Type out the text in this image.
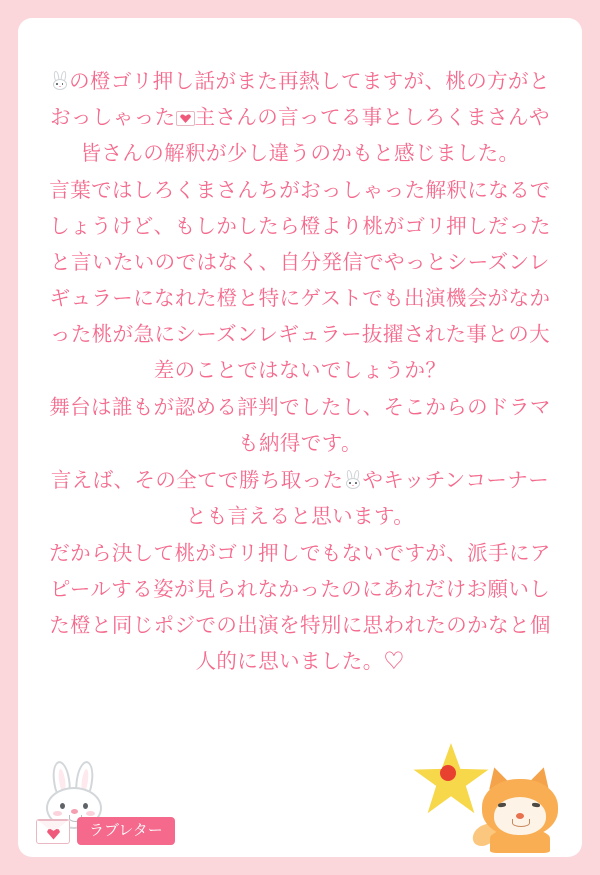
の橙ゴリ押し話がまた再熱してますが、桃の方がとおっしゃった 主さんの言ってる事としろくまさんや皆さんの解釈が少し違うのかもと感じました。

言葉ではしろくまさんちがおっしゃった解釈になるでしょうけど、もしかしたら橙より桃がゴリ押しだったと言いたいのではなく、自分発信でやっとシーズンレギュラーになれた橙と特にゲストでも出演機会がなかった桃が急にシーズンレギュラー抜擢された事との大差のことではないでしょうか？

舞台は誰もが認める評判でしたし、そこからのドラマも納得です。

言えば、その全てで勝ち取った やキッチンコーナーとも言えると思います。

だから決して桃がゴリ押しでもないですが、派手にアピールする姿が見られなかったのにあれだけお願いした橙と同じポジでの出演を特別に思われたのかなと個人的に思いました。♡

ラブレター
